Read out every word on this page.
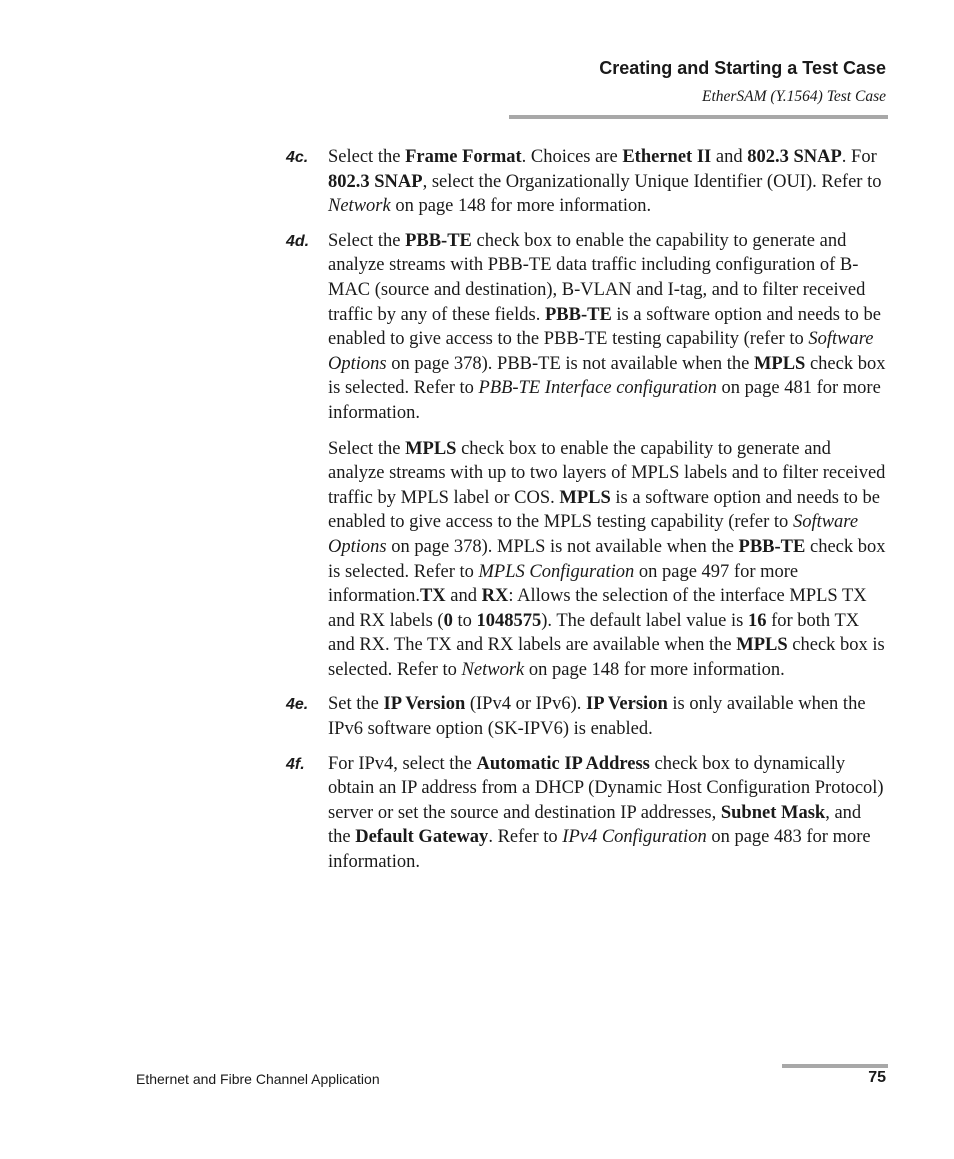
Creating and Starting a Test Case
EtherSAM (Y.1564) Test Case
4c.	Select the Frame Format. Choices are Ethernet II and 802.3 SNAP. For 802.3 SNAP, select the Organizationally Unique Identifier (OUI). Refer to Network on page 148 for more information.

4d.	Select the PBB-TE check box to enable the capability to generate and analyze streams with PBB-TE data traffic including configuration of B-MAC (source and destination), B-VLAN and I-tag, and to filter received traffic by any of these fields. PBB-TE is a software option and needs to be enabled to give access to the PBB-TE testing capability (refer to Software Options on page 378). PBB-TE is not available when the MPLS check box is selected. Refer to PBB-TE Interface configuration on page 481 for more information.

Select the MPLS check box to enable the capability to generate and analyze streams with up to two layers of MPLS labels and to filter received traffic by MPLS label or COS. MPLS is a software option and needs to be enabled to give access to the MPLS testing capability (refer to Software Options on page 378). MPLS is not available when the PBB-TE check box is selected. Refer to MPLS Configuration on page 497 for more information.TX and RX: Allows the selection of the interface MPLS TX and RX labels (0 to 1048575). The default label value is 16 for both TX and RX. The TX and RX labels are available when the MPLS check box is selected. Refer to Network on page 148 for more information.

4e.	Set the IP Version (IPv4 or IPv6). IP Version is only available when the IPv6 software option (SK-IPV6) is enabled.

4f.	For IPv4, select the Automatic IP Address check box to dynamically obtain an IP address from a DHCP (Dynamic Host Configuration Protocol) server or set the source and destination IP addresses, Subnet Mask, and the Default Gateway. Refer to IPv4 Configuration on page 483 for more information.

Ethernet and Fibre Channel Application	75
